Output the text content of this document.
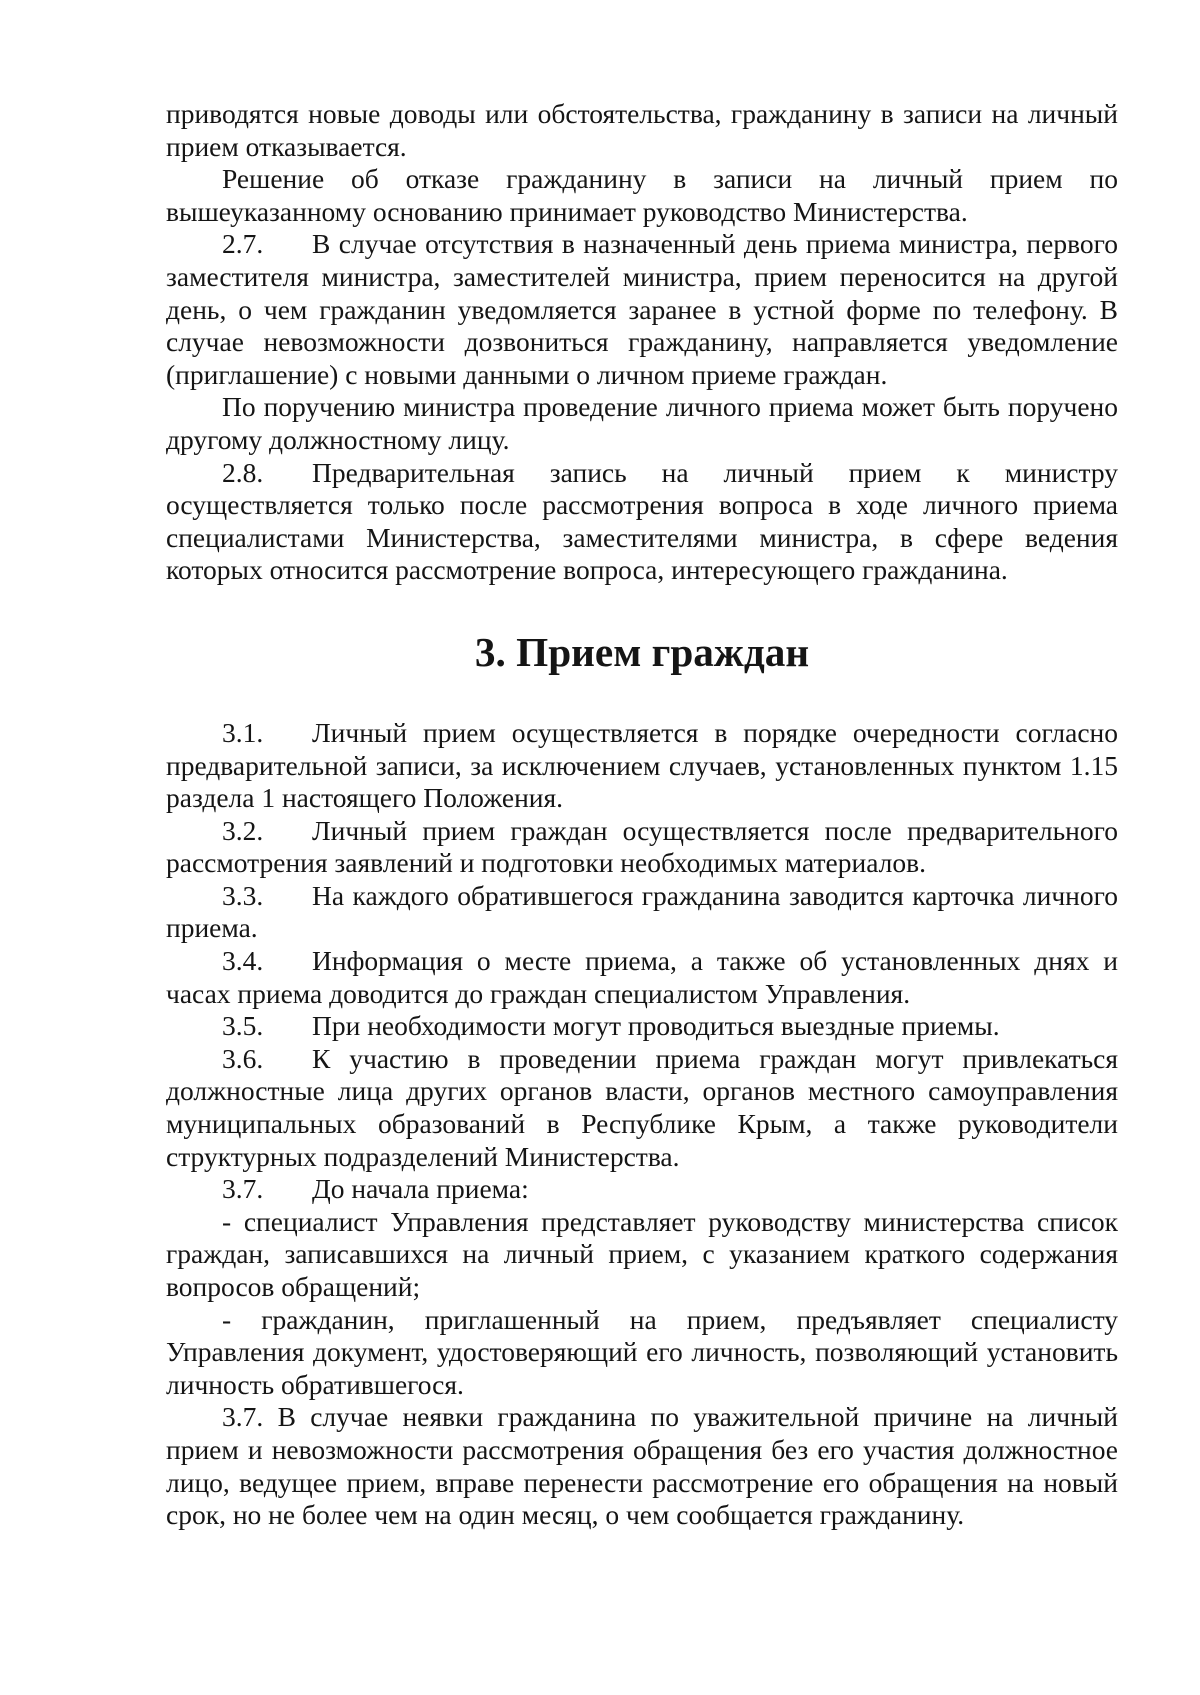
приводятся новые доводы или обстоятельства, гражданину в записи на личный прием отказывается.

Решение об отказе гражданину в записи на личный прием по вышеуказанному основанию принимает руководство Министерства.

2.7. В случае отсутствия в назначенный день приема министра, первого заместителя министра, заместителей министра, прием переносится на другой день, о чем гражданин уведомляется заранее в устной форме по телефону. В случае невозможности дозвониться гражданину, направляется уведомление (приглашение) с новыми данными о личном приеме граждан.

По поручению министра проведение личного приема может быть поручено другому должностному лицу.

2.8. Предварительная запись на личный прием к министру осуществляется только после рассмотрения вопроса в ходе личного приема специалистами Министерства, заместителями министра, в сфере ведения которых относится рассмотрение вопроса, интересующего гражданина.

3. Прием граждан

3.1. Личный прием осуществляется в порядке очередности согласно предварительной записи, за исключением случаев, установленных пунктом 1.15 раздела 1 настоящего Положения.

3.2. Личный прием граждан осуществляется после предварительного рассмотрения заявлений и подготовки необходимых материалов.

3.3. На каждого обратившегося гражданина заводится карточка личного приема.

3.4. Информация о месте приема, а также об установленных днях и часах приема доводится до граждан специалистом Управления.

3.5. При необходимости могут проводиться выездные приемы.

3.6. К участию в проведении приема граждан могут привлекаться должностные лица других органов власти, органов местного самоуправления муниципальных образований в Республике Крым, а также руководители структурных подразделений Министерства.

3.7. До начала приема:

- специалист Управления представляет руководству министерства список граждан, записавшихся на личный прием, с указанием краткого содержания вопросов обращений;

- гражданин, приглашенный на прием, предъявляет специалисту Управления документ, удостоверяющий его личность, позволяющий установить личность обратившегося.

3.7. В случае неявки гражданина по уважительной причине на личный прием и невозможности рассмотрения обращения без его участия должностное лицо, ведущее прием, вправе перенести рассмотрение его обращения на новый срок, но не более чем на один месяц, о чем сообщается гражданину.
